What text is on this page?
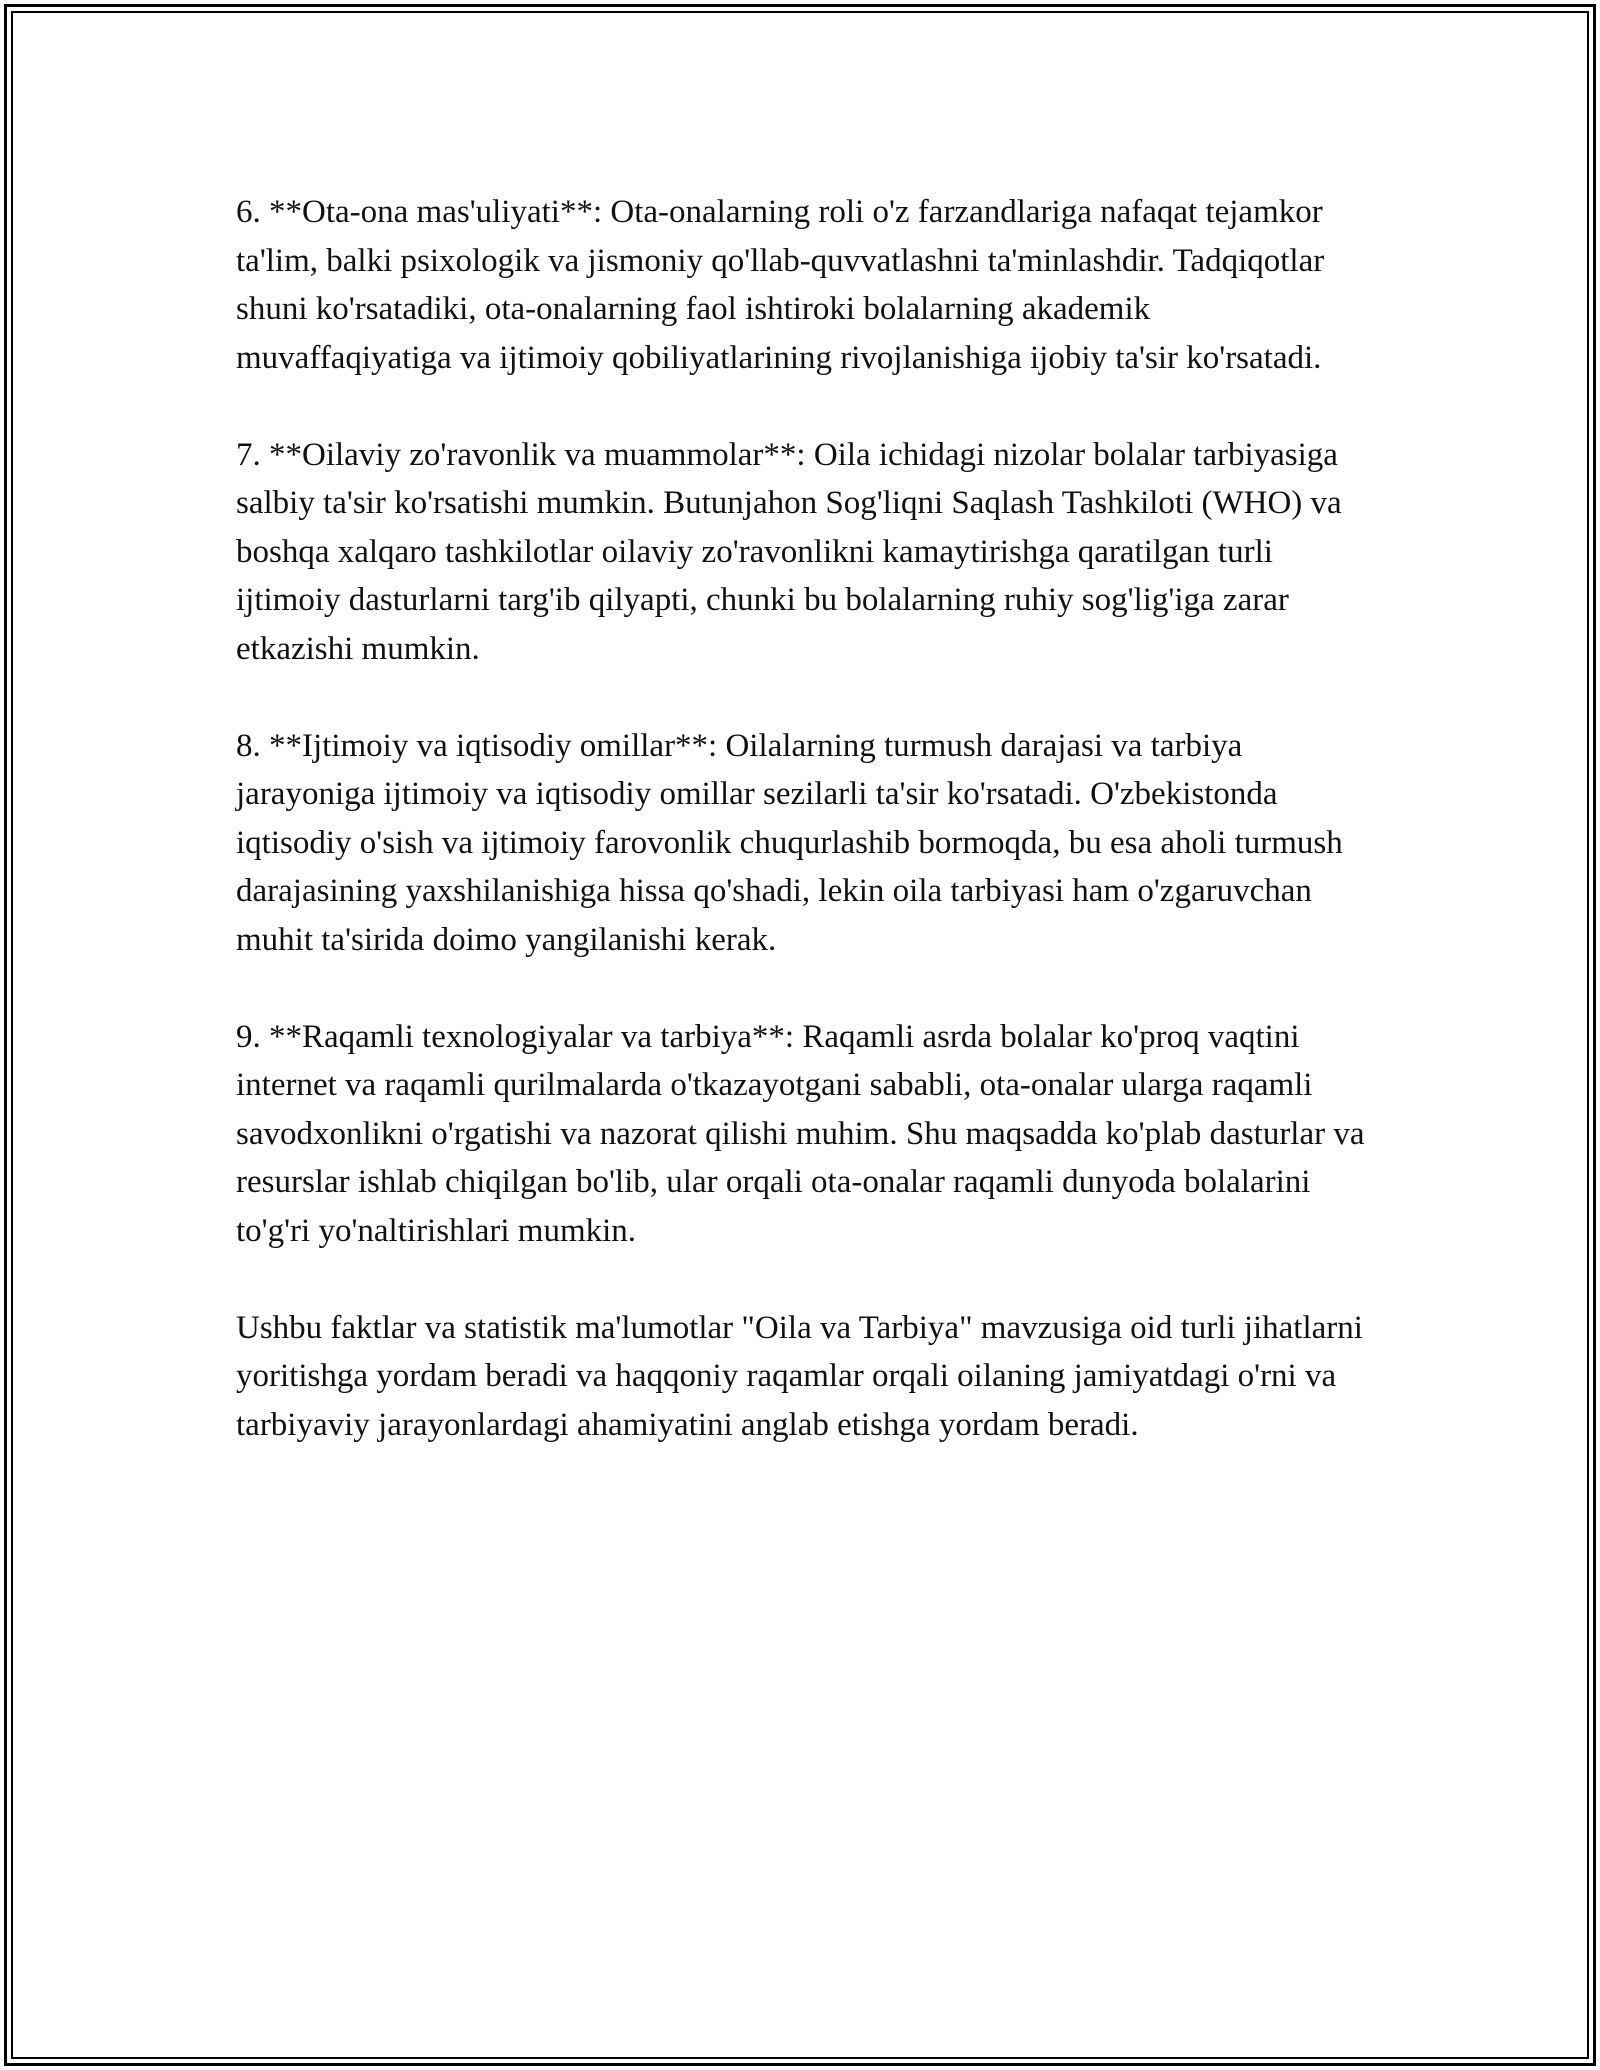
6. **Ota-ona mas'uliyati**: Ota-onalarning roli o'z farzandlariga nafaqat tejamkor ta'lim, balki psixologik va jismoniy qo'llab-quvvatlashni ta'minlashdir. Tadqiqotlar shuni ko'rsatadiki, ota-onalarning faol ishtiroki bolalarning akademik muvaffaqiyatiga va ijtimoiy qobiliyatlarining rivojlanishiga ijobiy ta'sir ko'rsatadi.

7. **Oilaviy zo'ravonlik va muammolar**: Oila ichidagi nizolar bolalar tarbiyasiga salbiy ta'sir ko'rsatishi mumkin. Butunjahon Sog'liqni Saqlash Tashkiloti (WHO) va boshqa xalqaro tashkilotlar oilaviy zo'ravonlikni kamaytirishga qaratilgan turli ijtimoiy dasturlarni targ'ib qilyapti, chunki bu bolalarning ruhiy sog'lig'iga zarar etkazishi mumkin.

8. **Ijtimoiy va iqtisodiy omillar**: Oilalarning turmush darajasi va tarbiya jarayoniga ijtimoiy va iqtisodiy omillar sezilarli ta'sir ko'rsatadi. O'zbekistonda iqtisodiy o'sish va ijtimoiy farovonlik chuqurlashib bormoqda, bu esa aholi turmush darajasining yaxshilanishiga hissa qo'shadi, lekin oila tarbiyasi ham o'zgaruvchan muhit ta'sirida doimo yangilanishi kerak.

9. **Raqamli texnologiyalar va tarbiya**: Raqamli asrda bolalar ko'proq vaqtini internet va raqamli qurilmalarda o'tkazayotgani sababli, ota-onalar ularga raqamli savodxonlikni o'rgatishi va nazorat qilishi muhim. Shu maqsadda ko'plab dasturlar va resurslar ishlab chiqilgan bo'lib, ular orqali ota-onalar raqamli dunyoda bolalarini to'g'ri yo'naltirishlari mumkin.

Ushbu faktlar va statistik ma'lumotlar "Oila va Tarbiya" mavzusiga oid turli jihatlarni yoritishga yordam beradi va haqqoniy raqamlar orqali oilaning jamiyatdagi o'rni va tarbiyaviy jarayonlardagi ahamiyatini anglab etishga yordam beradi.
